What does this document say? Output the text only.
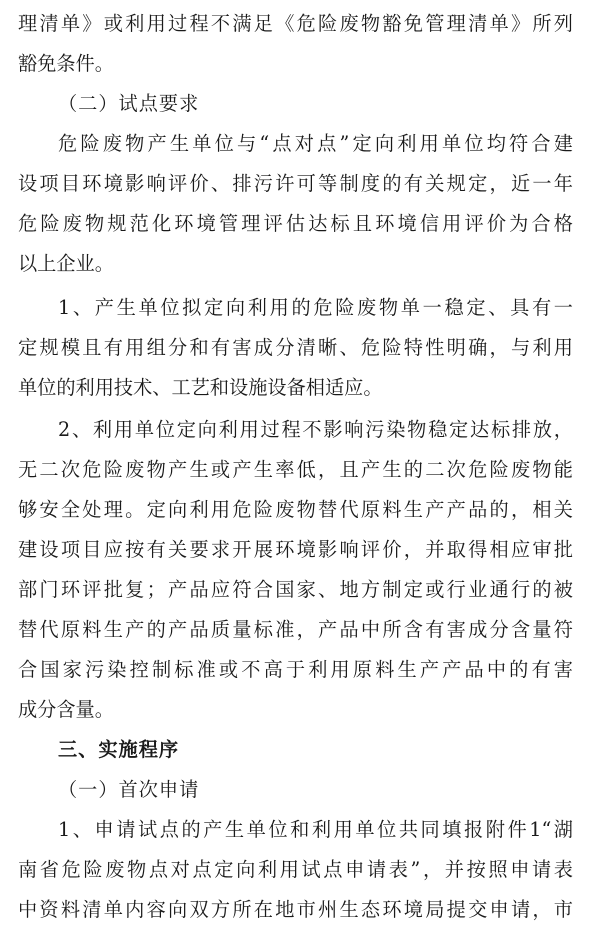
理清单》或利用过程不满足《危险废物豁免管理清单》所列
豁免条件。
（二）试点要求
危险废物产生单位与“点对点”定向利用单位均符合建
设项目环境影响评价、排污许可等制度的有关规定，近一年
危险废物规范化环境管理评估达标且环境信用评价为合格
以上企业。
1、产生单位拟定向利用的危险废物单一稳定、具有一
定规模且有用组分和有害成分清晰、危险特性明确，与利用
单位的利用技术、工艺和设施设备相适应。
2、利用单位定向利用过程不影响污染物稳定达标排放，
无二次危险废物产生或产生率低，且产生的二次危险废物能
够安全处理。定向利用危险废物替代原料生产产品的，相关
建设项目应按有关要求开展环境影响评价，并取得相应审批
部门环评批复；产品应符合国家、地方制定或行业通行的被
替代原料生产的产品质量标准，产品中所含有害成分含量符
合国家污染控制标准或不高于利用原料生产产品中的有害
成分含量。
三、实施程序
（一）首次申请
1、申请试点的产生单位和利用单位共同填报附件1“湖
南省危险废物点对点定向利用试点申请表”，并按照申请表
中资料清单内容向双方所在地市州生态环境局提交申请，市
